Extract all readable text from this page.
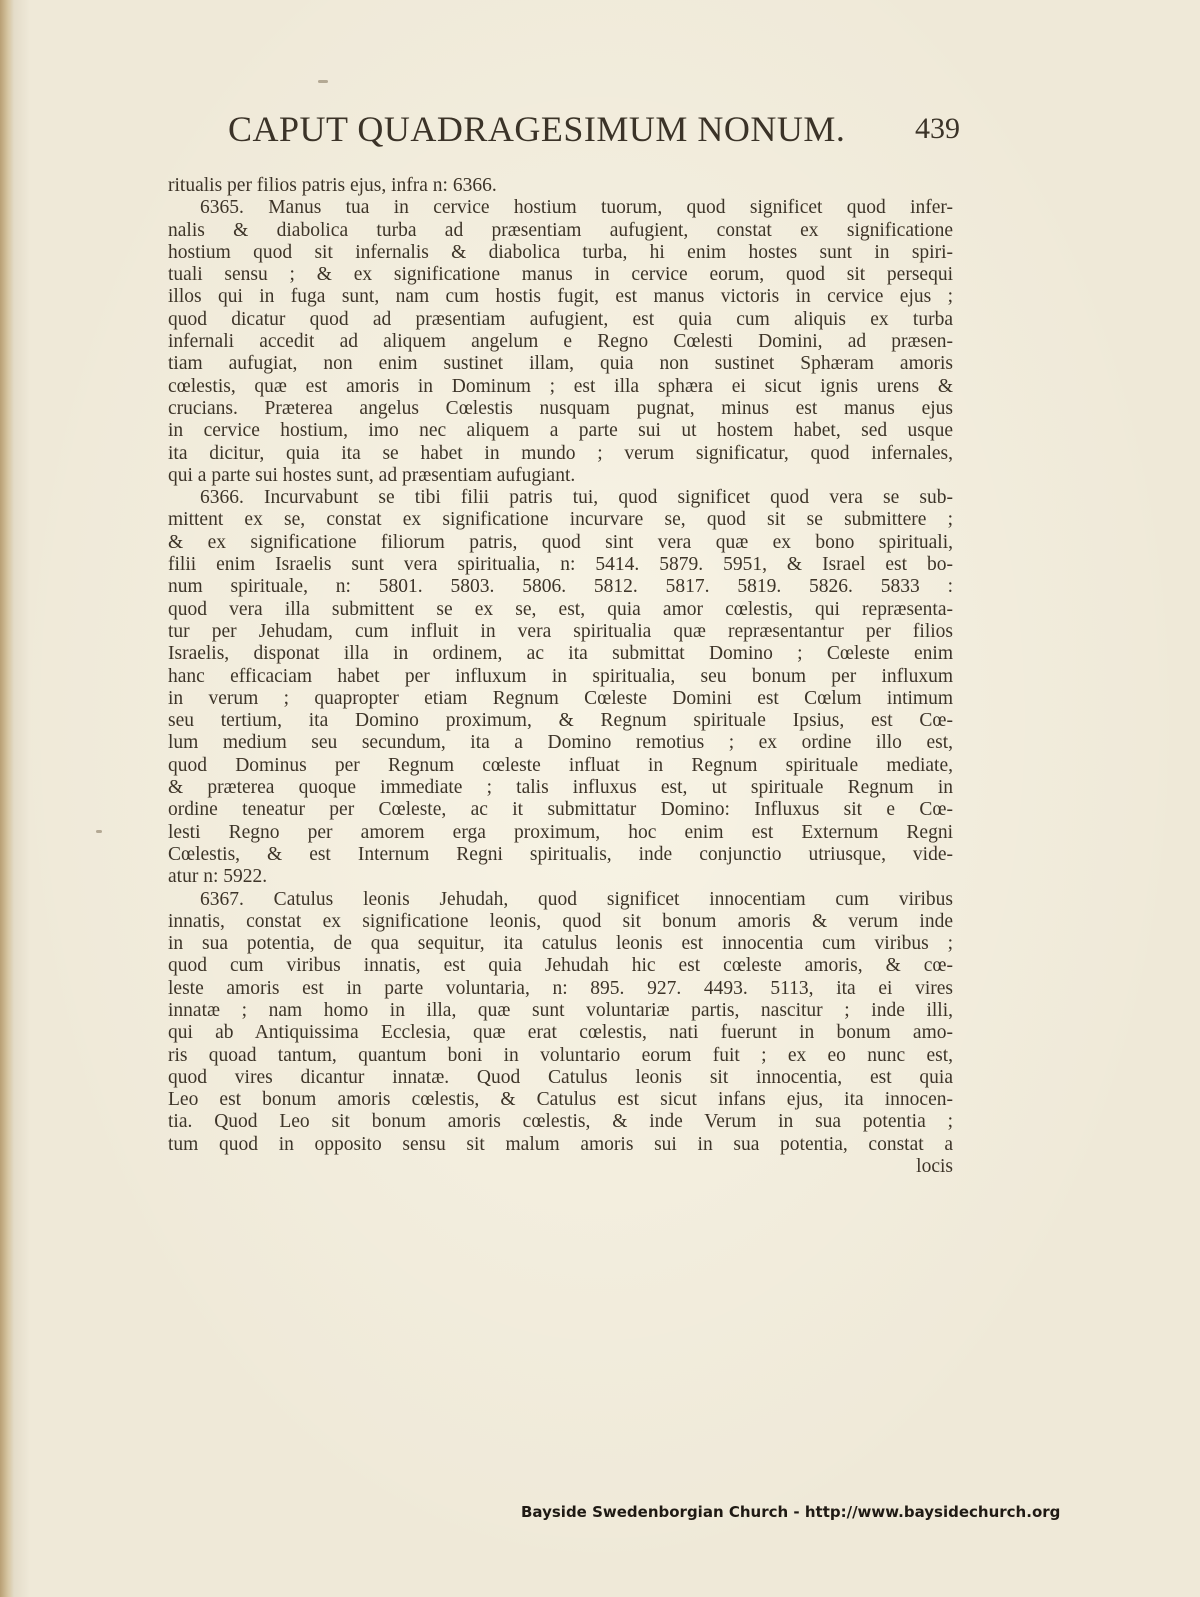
CAPUT QUADRAGESIMUM NONUM. 439
ritualis per filios patris ejus, infra n: 6366.
6365. Manus tua in cervice hostium tuorum, quod significet quod infer-
nalis & diabolica turba ad præsentiam aufugient, constat ex significatione
hostium quod sit infernalis & diabolica turba, hi enim hostes sunt in spiri-
tuali sensu ; & ex significatione manus in cervice eorum, quod sit persequi
illos qui in fuga sunt, nam cum hostis fugit, est manus victoris in cervice ejus ;
quod dicatur quod ad præsentiam aufugient, est quia cum aliquis ex turba
infernali accedit ad aliquem angelum e Regno Cœlesti Domini, ad præsen-
tiam aufugiat, non enim sustinet illam, quia non sustinet Sphæram amoris
cœlestis, quæ est amoris in Dominum ; est illa sphæra ei sicut ignis urens &
crucians. Præterea angelus Cœlestis nusquam pugnat, minus est manus ejus
in cervice hostium, imo nec aliquem a parte sui ut hostem habet, sed usque
ita dicitur, quia ita se habet in mundo ; verum significatur, quod infernales,
qui a parte sui hostes sunt, ad præsentiam aufugiant.
6366. Incurvabunt se tibi filii patris tui, quod significet quod vera se sub-
mittent ex se, constat ex significatione incurvare se, quod sit se submittere ;
& ex significatione filiorum patris, quod sint vera quæ ex bono spirituali,
filii enim Israelis sunt vera spiritualia, n: 5414. 5879. 5951, & Israel est bo-
num spirituale, n: 5801. 5803. 5806. 5812. 5817. 5819. 5826. 5833 :
quod vera illa submittent se ex se, est, quia amor cœlestis, qui repræsenta-
tur per Jehudam, cum influit in vera spiritualia quæ repræsentantur per filios
Israelis, disponat illa in ordinem, ac ita submittat Domino ; Cœleste enim
hanc efficaciam habet per influxum in spiritualia, seu bonum per influxum
in verum ; quapropter etiam Regnum Cœleste Domini est Cœlum intimum
seu tertium, ita Domino proximum, & Regnum spirituale Ipsius, est Cœ-
lum medium seu secundum, ita a Domino remotius ; ex ordine illo est,
quod Dominus per Regnum cœleste influat in Regnum spirituale mediate,
& præterea quoque immediate ; talis influxus est, ut spirituale Regnum in
ordine teneatur per Cœleste, ac it submittatur Domino: Influxus sit e Cœ-
lesti Regno per amorem erga proximum, hoc enim est Externum Regni
Cœlestis, & est Internum Regni spiritualis, inde conjunctio utriusque, vide-
atur n: 5922.
6367. Catulus leonis Jehudah, quod significet innocentiam cum viribus
innatis, constat ex significatione leonis, quod sit bonum amoris & verum inde
in sua potentia, de qua sequitur, ita catulus leonis est innocentia cum viribus ;
quod cum viribus innatis, est quia Jehudah hic est cœleste amoris, & cœ-
leste amoris est in parte voluntaria, n: 895. 927. 4493. 5113, ita ei vires
innatæ ; nam homo in illa, quæ sunt voluntariæ partis, nascitur ; inde illi,
qui ab Antiquissima Ecclesia, quæ erat cœlestis, nati fuerunt in bonum amo-
ris quoad tantum, quantum boni in voluntario eorum fuit ; ex eo nunc est,
quod vires dicantur innatæ. Quod Catulus leonis sit innocentia, est quia
Leo est bonum amoris cœlestis, & Catulus est sicut infans ejus, ita innocen-
tia. Quod Leo sit bonum amoris cœlestis, & inde Verum in sua potentia ;
tum quod in opposito sensu sit malum amoris sui in sua potentia, constat a
locis
Bayside Swedenborgian Church - http://www.baysidechurch.org
